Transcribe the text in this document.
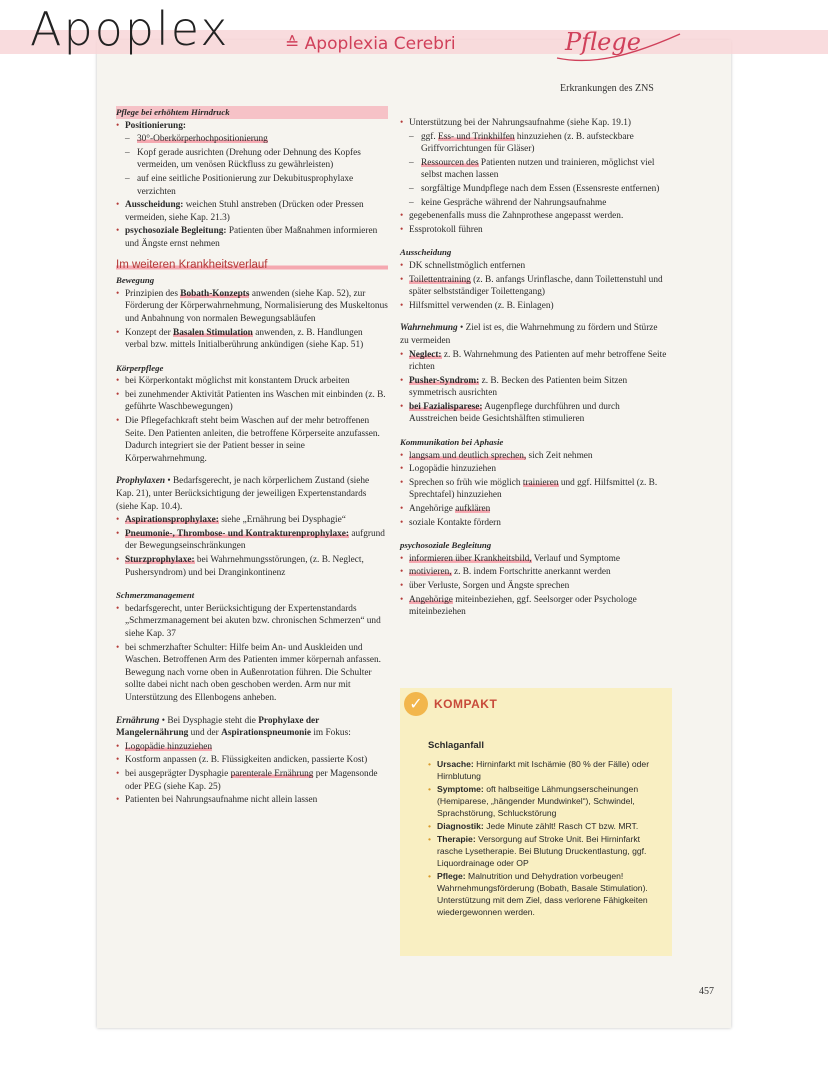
Apoplex	≙ Apoplexia Cerebri	Pflege
Erkrankungen des ZNS
Pflege bei erhöhtem Hirndruck
• Positionierung:
– 30°-Oberkörperhochpositionierung
– Kopf gerade ausrichten (Drehung oder Dehnung des Kopfes vermeiden, um venösen Rückfluss zu gewährleisten)
– auf eine seitliche Positionierung zur Dekubitusprophylaxe verzichten
• Ausscheidung: weichen Stuhl anstreben (Drücken oder Pressen vermeiden, siehe Kap. 21.3)
• psychosoziale Begleitung: Patienten über Maßnahmen informieren und Ängste ernst nehmen
Im weiteren Krankheitsverlauf
Bewegung
• Prinzipien des Bobath-Konzepts anwenden (siehe Kap. 52), zur Förderung der Körperwahrnehmung, Normalisierung des Muskeltonus und Anbahnung von normalen Bewegungsabläufen
• Konzept der Basalen Stimulation anwenden, z. B. Handlungen verbal bzw. mittels Initialberührung ankündigen (siehe Kap. 51)
Körperpflege
• bei Körperkontakt möglichst mit konstantem Druck arbeiten
• bei zunehmender Aktivität Patienten ins Waschen mit einbinden (z. B. geführte Waschbewegungen)
• Die Pflegefachkraft steht beim Waschen auf der mehr betroffenen Seite. Den Patienten anleiten, die betroffene Körperseite anzufassen. Dadurch integriert sie der Patient besser in seine Körperwahrnehmung.

Prophylaxen • Bedarfsgerecht, je nach körperlichem Zustand (siehe Kap. 21), unter Berücksichtigung der jeweiligen Expertenstandards (siehe Kap. 10.4).

• Aspirationsprophylaxe: siehe „Ernährung bei Dysphagie“
• Pneumonie-, Thrombose- und Kontrakturenprophylaxe: aufgrund der Bewegungseinschränkungen
• Sturzprophylaxe: bei Wahrnehmungsstörungen, (z. B. Neglect, Pushersyndrom) und bei Dranginkontinenz
Schmerzmanagement
• bedarfsgerecht, unter Berücksichtigung der Expertenstandards „Schmerzmanagement bei akuten bzw. chronischen Schmerzen“ und siehe Kap. 37
• bei schmerzhafter Schulter: Hilfe beim An- und Auskleiden und Waschen. Betroffenen Arm des Patienten immer körpernah anfassen. Bewegung nach vorne oben in Außenrotation führen. Die Schulter sollte dabei nicht nach oben geschoben werden. Arm nur mit Unterstützung des Ellenbogens anheben.

Ernährung • Bei Dysphagie steht die Prophylaxe der Mangelernährung und der Aspirationspneumonie im Fokus:

• Logopädie hinzuziehen
• Kostform anpassen (z. B. Flüssigkeiten andicken, passierte Kost)
• bei ausgeprägter Dysphagie parenterale Ernährung per Magensonde oder PEG (siehe Kap. 25)
• Patienten bei Nahrungsaufnahme nicht allein lassen
• Unterstützung bei der Nahrungsaufnahme (siehe Kap. 19.1)
– ggf. Ess- und Trinkhilfen hinzuziehen (z. B. aufsteckbare Griffvorrichtungen für Gläser)
– Ressourcen des Patienten nutzen und trainieren, möglichst viel selbst machen lassen
– sorgfältige Mundpflege nach dem Essen (Essensreste entfernen)
– keine Gespräche während der Nahrungsaufnahme
• gegebenenfalls muss die Zahnprothese angepasst werden.
• Essprotokoll führen
Ausscheidung
• DK schnellstmöglich entfernen
• Toilettentraining (z. B. anfangs Urinflasche, dann Toilettenstuhl und später selbstständiger Toilettengang)
• Hilfsmittel verwenden (z. B. Einlagen)

Wahrnehmung • Ziel ist es, die Wahrnehmung zu fördern und Stürze zu vermeiden

• Neglect: z. B. Wahrnehmung des Patienten auf mehr betroffene Seite richten
• Pusher-Syndrom: z. B. Becken des Patienten beim Sitzen symmetrisch ausrichten
• bei Fazialisparese: Augenpflege durchführen und durch Ausstreichen beide Gesichtshälften stimulieren
Kommunikation bei Aphasie
• langsam und deutlich sprechen, sich Zeit nehmen
• Logopädie hinzuziehen
• Sprechen so früh wie möglich trainieren und ggf. Hilfsmittel (z. B. Sprechtafel) hinzuziehen
• Angehörige aufklären
• soziale Kontakte fördern
psychosoziale Begleitung
• informieren über Krankheitsbild, Verlauf und Symptome
• motivieren, z. B. indem Fortschritte anerkannt werden
• über Verluste, Sorgen und Ängste sprechen
• Angehörige miteinbeziehen, ggf. Seelsorger oder Psychologe miteinbeziehen
✓ KOMPAKT
Schlaganfall
• Ursache: Hirninfarkt mit Ischämie (80 % der Fälle) oder Hirnblutung
• Symptome: oft halbseitige Lähmungserscheinungen (Hemiparese, „hängender Mundwinkel“), Schwindel, Sprachstörung, Schluckstörung
• Diagnostik: Jede Minute zählt! Rasch CT bzw. MRT.
• Therapie: Versorgung auf Stroke Unit. Bei Hirninfarkt rasche Lysetherapie. Bei Blutung Druckentlastung, ggf. Liquordrainage oder OP
• Pflege: Malnutrition und Dehydration vorbeugen! Wahrnehmungsförderung (Bobath, Basale Stimulation). Unterstützung mit dem Ziel, dass verlorene Fähigkeiten wiedergewonnen werden.
457
